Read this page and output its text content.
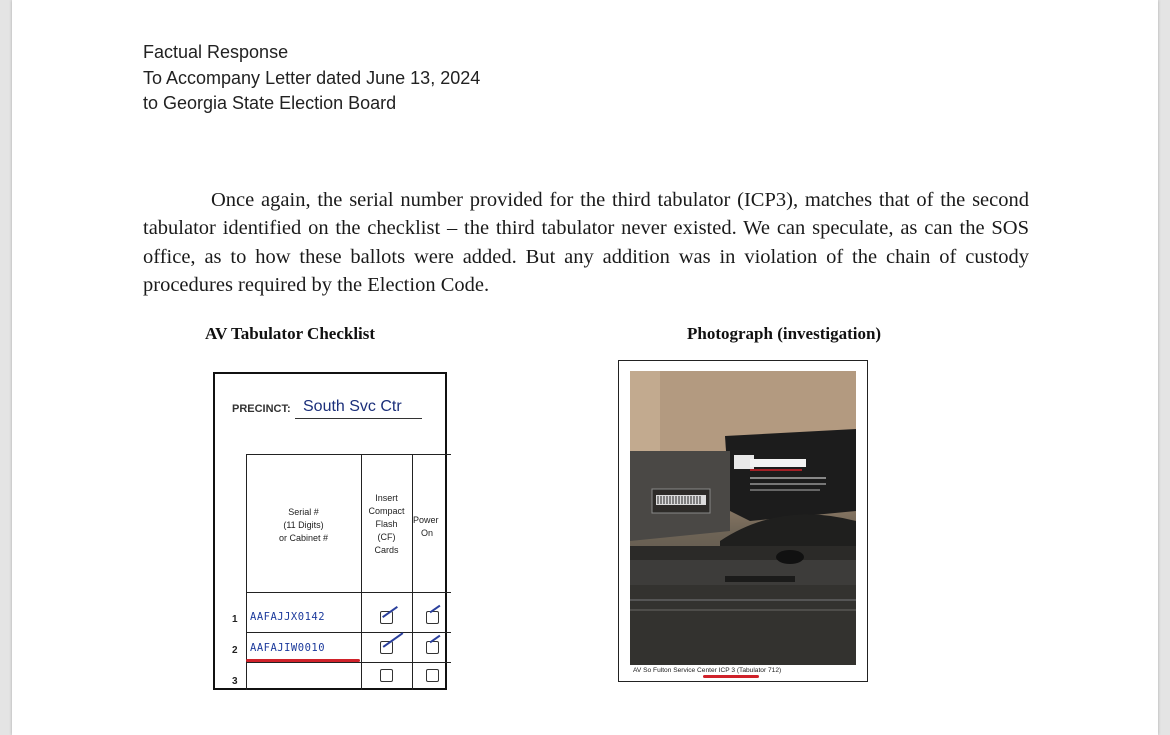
Factual Response
To Accompany Letter dated June 13, 2024
to Georgia State Election Board
Once again, the serial number provided for the third tabulator (ICP3), matches that of the second tabulator identified on the checklist – the third tabulator never existed. We can speculate, as can the SOS office, as to how these ballots were added. But any addition was in violation of the chain of custody procedures required by the Election Code.
AV Tabulator Checklist	Photograph (investigation)
PRECINCT: South Svc Ctr
Serial #
(11 Digits)
or Cabinet #
Insert
Compact
Flash
(CF)
Cards
Power
On
1 AAFAJJX0142
2 AAFAJIW0010
3
AV So Fulton Service Center ICP 3 (Tabulator 712)
